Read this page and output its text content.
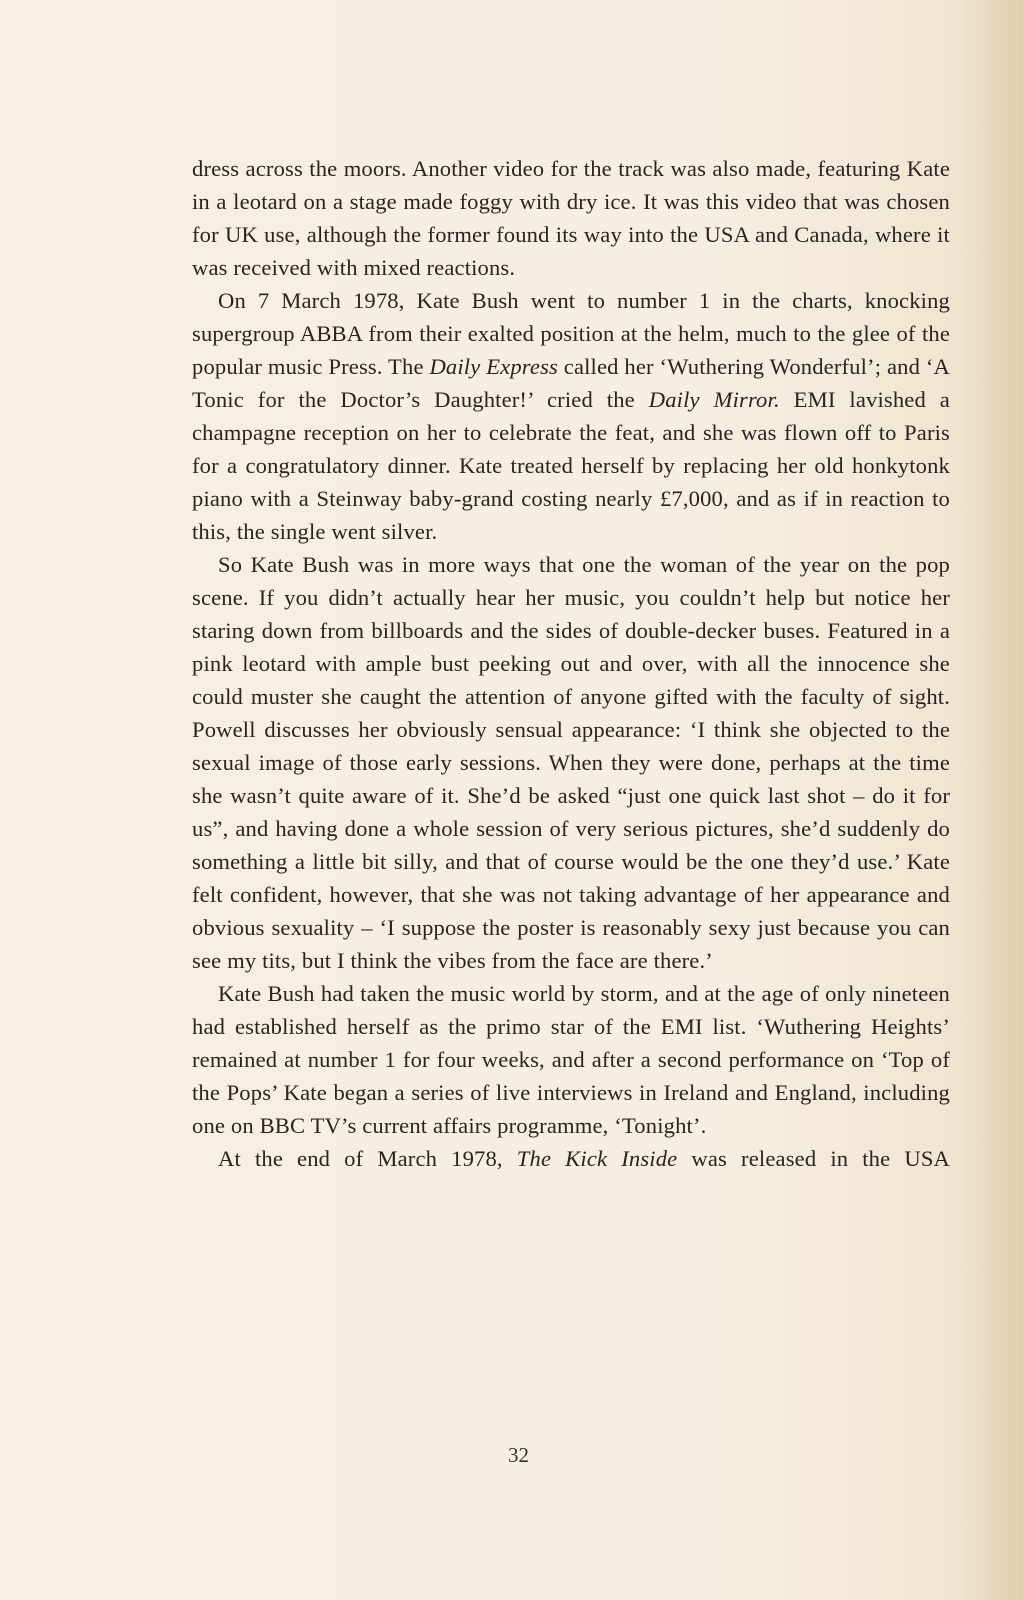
dress across the moors. Another video for the track was also made, featuring Kate in a leotard on a stage made foggy with dry ice. It was this video that was chosen for UK use, although the former found its way into the USA and Canada, where it was received with mixed reactions.

On 7 March 1978, Kate Bush went to number 1 in the charts, knocking supergroup ABBA from their exalted position at the helm, much to the glee of the popular music Press. The Daily Express called her ‘Wuthering Wonderful’; and ‘A Tonic for the Doctor’s Daughter!’ cried the Daily Mirror. EMI lavished a champagne reception on her to celebrate the feat, and she was flown off to Paris for a congratulatory dinner. Kate treated herself by replacing her old honkytonk piano with a Steinway baby-grand costing nearly £7,000, and as if in reaction to this, the single went silver.

So Kate Bush was in more ways that one the woman of the year on the pop scene. If you didn’t actually hear her music, you couldn’t help but notice her staring down from billboards and the sides of double-decker buses. Featured in a pink leotard with ample bust peeking out and over, with all the innocence she could muster she caught the attention of anyone gifted with the faculty of sight. Powell discusses her obviously sensual appearance: ‘I think she objected to the sexual image of those early sessions. When they were done, perhaps at the time she wasn’t quite aware of it. She’d be asked “just one quick last shot – do it for us”, and having done a whole session of very serious pictures, she’d suddenly do something a little bit silly, and that of course would be the one they’d use.’ Kate felt confident, however, that she was not taking advantage of her appearance and obvious sexuality – ‘I suppose the poster is reasonably sexy just because you can see my tits, but I think the vibes from the face are there.’

Kate Bush had taken the music world by storm, and at the age of only nineteen had established herself as the primo star of the EMI list. ‘Wuthering Heights’ remained at number 1 for four weeks, and after a second performance on ‘Top of the Pops’ Kate began a series of live interviews in Ireland and England, including one on BBC TV’s current affairs programme, ‘Tonight’.

At the end of March 1978, The Kick Inside was released in the USA

32
